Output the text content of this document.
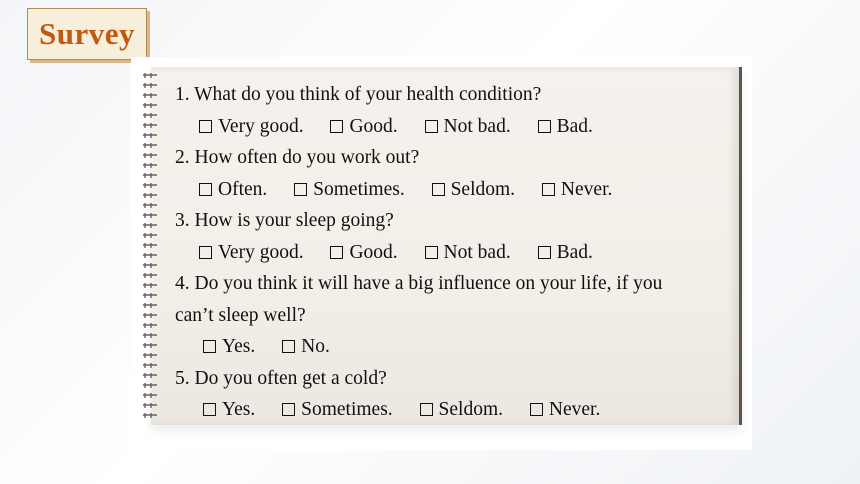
Survey
1. What do you think of your health condition?
Very good. Good. Not bad. Bad.
2. How often do you work out?
Often. Sometimes. Seldom. Never.
3. How is your sleep going?
Very good. Good. Not bad. Bad.
4. Do you think it will have a big influence on your life, if you
can’t sleep well?
Yes. No.
5. Do you often get a cold?
Yes. Sometimes. Seldom. Never.
